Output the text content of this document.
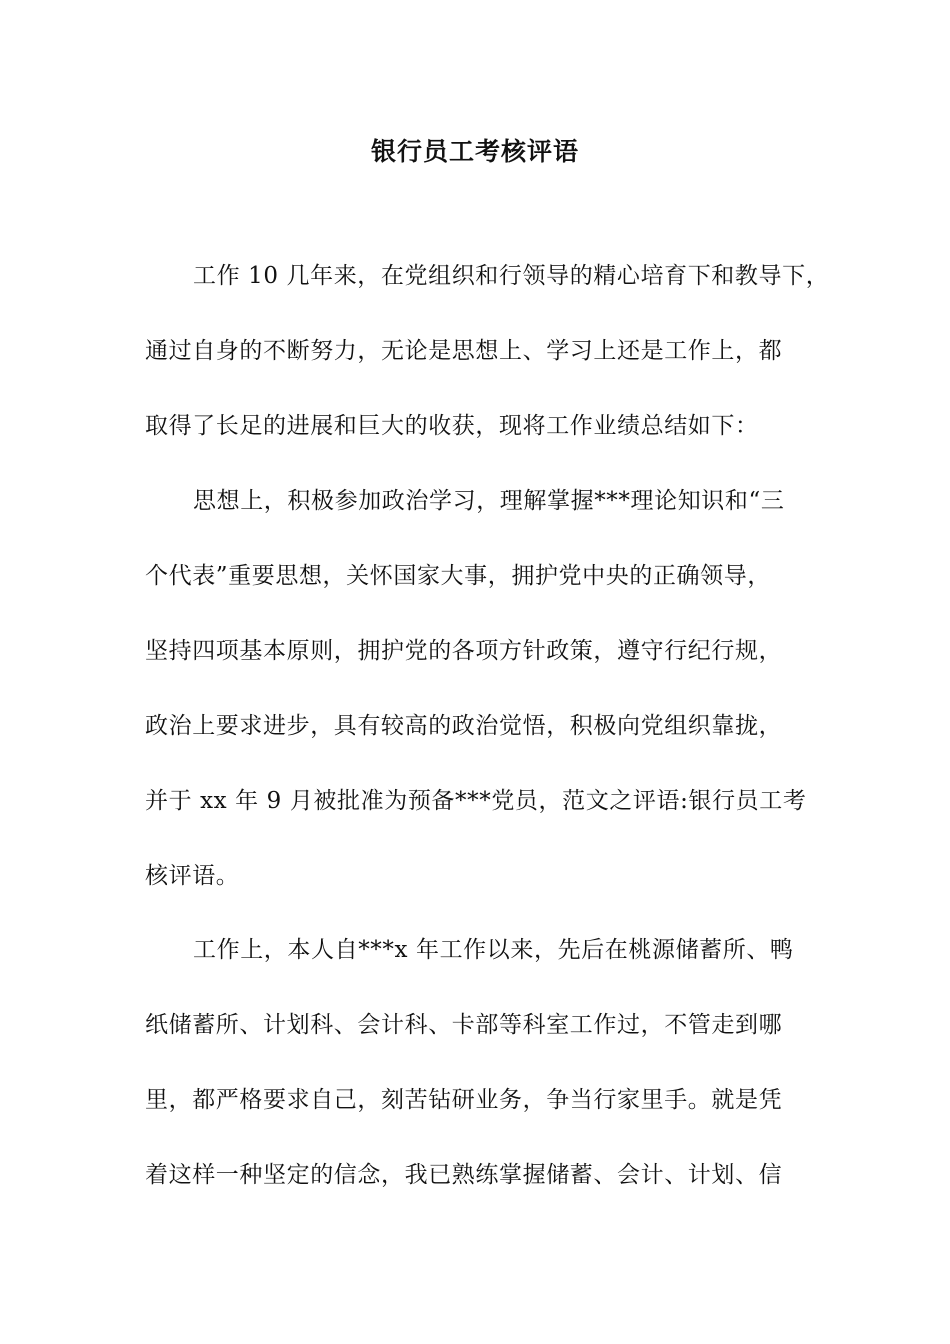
银行员工考核评语
工作 10 几年来，在党组织和行领导的精心培育下和教导下，
通过自身的不断努力，无论是思想上、学习上还是工作上，都
取得了长足的进展和巨大的收获，现将工作业绩总结如下：
思想上，积极参加政治学习，理解掌握***理论知识和“三
个代表”重要思想，关怀国家大事，拥护党中央的正确领导，
坚持四项基本原则，拥护党的各项方针政策，遵守行纪行规，
政治上要求进步，具有较高的政治觉悟，积极向党组织靠拢，
并于 xx 年 9 月被批准为预备***党员，范文之评语:银行员工考
核评语。
工作上，本人自***x 年工作以来，先后在桃源储蓄所、鸭
纸储蓄所、计划科、会计科、卡部等科室工作过，不管走到哪
里，都严格要求自己，刻苦钻研业务，争当行家里手。就是凭
着这样一种坚定的信念，我已熟练掌握储蓄、会计、计划、信
